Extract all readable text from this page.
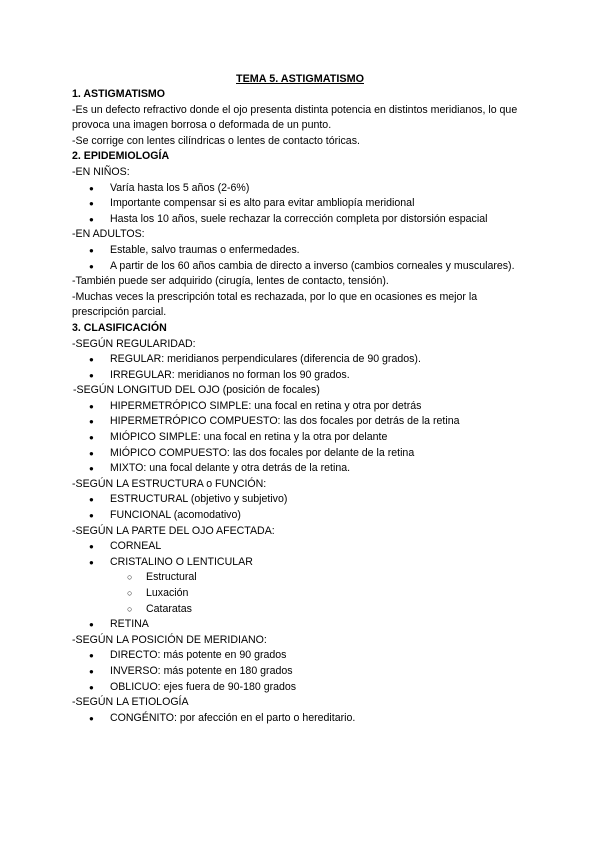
TEMA 5. ASTIGMATISMO
1. ASTIGMATISMO

-Es un defecto refractivo donde el ojo presenta distinta potencia en distintos meridianos, lo que provoca una imagen borrosa o deformada de un punto.

-Se corrige con lentes cilíndricas o lentes de contacto tóricas.

2. EPIDEMIOLOGÍA
-EN NIÑOS:
● Varía hasta los 5 años (2-6%)
● Importante compensar si es alto para evitar ambliopía meridional
● Hasta los 10 años, suele rechazar la corrección completa por distorsión espacial
-EN ADULTOS:
● Estable, salvo traumas o enfermedades.
● A partir de los 60 años cambia de directo a inverso (cambios corneales y musculares).

-También puede ser adquirido (cirugía, lentes de contacto, tensión).

-Muchas veces la prescripción total es rechazada, por lo que en ocasiones es mejor la prescripción parcial.

3. CLASIFICACIÓN
-SEGÚN REGULARIDAD:
● REGULAR: meridianos perpendiculares (diferencia de 90 grados).
● IRREGULAR: meridianos no forman los 90 grados.
-SEGÚN LONGITUD DEL OJO (posición de focales)
● HIPERMETRÓPICO SIMPLE: una focal en retina y otra por detrás
● HIPERMETRÓPICO COMPUESTO: las dos focales por detrás de la retina
● MIÓPICO SIMPLE: una focal en retina y la otra por delante
● MIÓPICO COMPUESTO: las dos focales por delante de la retina
● MIXTO: una focal delante y otra detrás de la retina.
-SEGÚN LA ESTRUCTURA o FUNCIÓN:
● ESTRUCTURAL (objetivo y subjetivo)
● FUNCIONAL (acomodativo)
-SEGÚN LA PARTE DEL OJO AFECTADA:
● CORNEAL
● CRISTALINO O LENTICULAR
○ Estructural
○ Luxación
○ Cataratas
● RETINA
-SEGÚN LA POSICIÓN DE MERIDIANO:
● DIRECTO: más potente en 90 grados
● INVERSO: más potente en 180 grados
● OBLICUO: ejes fuera de 90-180 grados
-SEGÚN LA ETIOLOGÍA
● CONGÉNITO: por afección en el parto o hereditario.
